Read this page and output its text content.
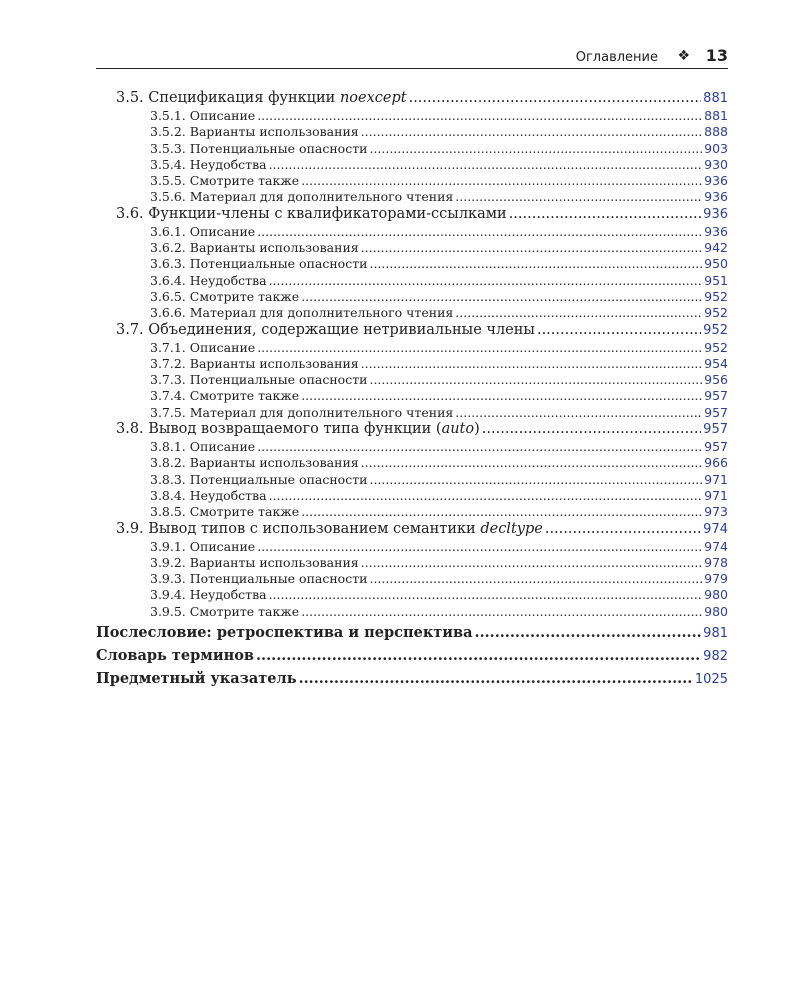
Оглавление ❖ 13
3.5. Спецификация функции noexcept .....	881
3.5.1. Описание .....	881
3.5.2. Варианты использования .....	888
3.5.3. Потенциальные опасности .....	903
3.5.4. Неудобства .....	930
3.5.5. Смотрите также .....	936
3.5.6. Материал для дополнительного чтения .....	936
3.6. Функции-члены с квалификаторами-ссылками .....	936
3.6.1. Описание .....	936
3.6.2. Варианты использования .....	942
3.6.3. Потенциальные опасности .....	950
3.6.4. Неудобства .....	951
3.6.5. Смотрите также .....	952
3.6.6. Материал для дополнительного чтения .....	952
3.7. Объединения, содержащие нетривиальные члены .....	952
3.7.1. Описание .....	952
3.7.2. Варианты использования .....	954
3.7.3. Потенциальные опасности .....	956
3.7.4. Смотрите также .....	957
3.7.5. Материал для дополнительного чтения .....	957
3.8. Вывод возвращаемого типа функции (auto) .....	957
3.8.1. Описание .....	957
3.8.2. Варианты использования .....	966
3.8.3. Потенциальные опасности .....	971
3.8.4. Неудобства .....	971
3.8.5. Смотрите также .....	973
3.9. Вывод типов с использованием семантики decltype .....	974
3.9.1. Описание .....	974
3.9.2. Варианты использования .....	978
3.9.3. Потенциальные опасности .....	979
3.9.4. Неудобства .....	980
3.9.5. Смотрите также .....	980
Послесловие: ретроспектива и перспектива .....	981
Словарь терминов .....	982
Предметный указатель .....	1025
